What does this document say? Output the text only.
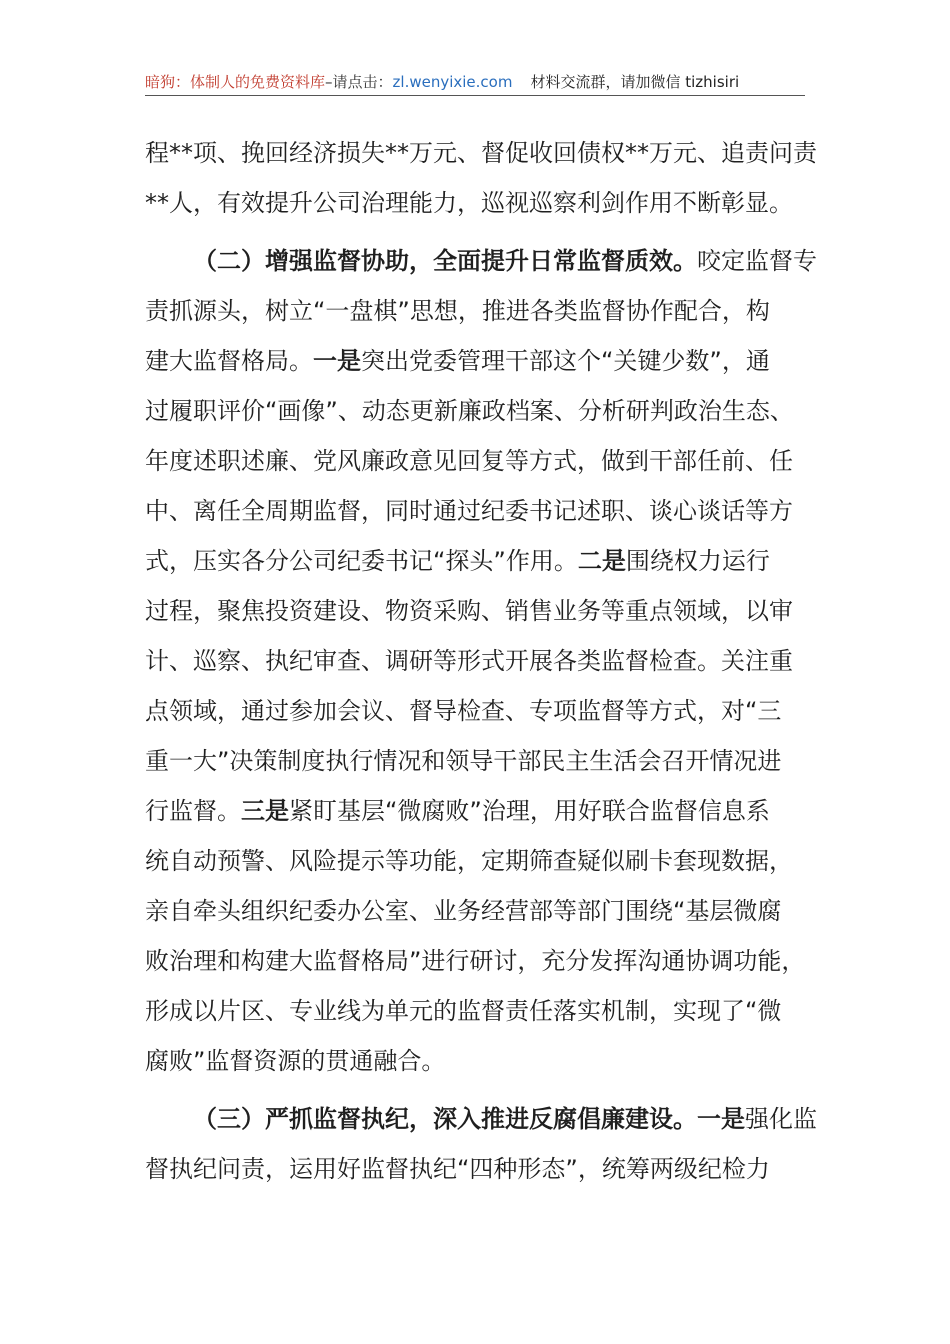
暗狗：体制人的免费资料库–请点击：zl.wenyixie.com 材料交流群，请加微信 tizhisiri
程**项、挽回经济损失**万元、督促收回债权**万元、追责问责
**人，有效提升公司治理能力，巡视巡察利剑作用不断彰显。
（二）增强监督协助，全面提升日常监督质效。咬定监督专
责抓源头，树立“一盘棋”思想，推进各类监督协作配合，构
建大监督格局。一是突出党委管理干部这个“关键少数”，通
过履职评价“画像”、动态更新廉政档案、分析研判政治生态、
年度述职述廉、党风廉政意见回复等方式，做到干部任前、任
中、离任全周期监督，同时通过纪委书记述职、谈心谈话等方
式，压实各分公司纪委书记“探头”作用。二是围绕权力运行
过程，聚焦投资建设、物资采购、销售业务等重点领域，以审
计、巡察、执纪审查、调研等形式开展各类监督检查。关注重
点领域，通过参加会议、督导检查、专项监督等方式，对“三
重一大”决策制度执行情况和领导干部民主生活会召开情况进
行监督。三是紧盯基层“微腐败”治理，用好联合监督信息系
统自动预警、风险提示等功能，定期筛查疑似刷卡套现数据，
亲自牵头组织纪委办公室、业务经营部等部门围绕“基层微腐
败治理和构建大监督格局”进行研讨，充分发挥沟通协调功能，
形成以片区、专业线为单元的监督责任落实机制，实现了“微
腐败”监督资源的贯通融合。
（三）严抓监督执纪，深入推进反腐倡廉建设。一是强化监
督执纪问责，运用好监督执纪“四种形态”，统筹两级纪检力
